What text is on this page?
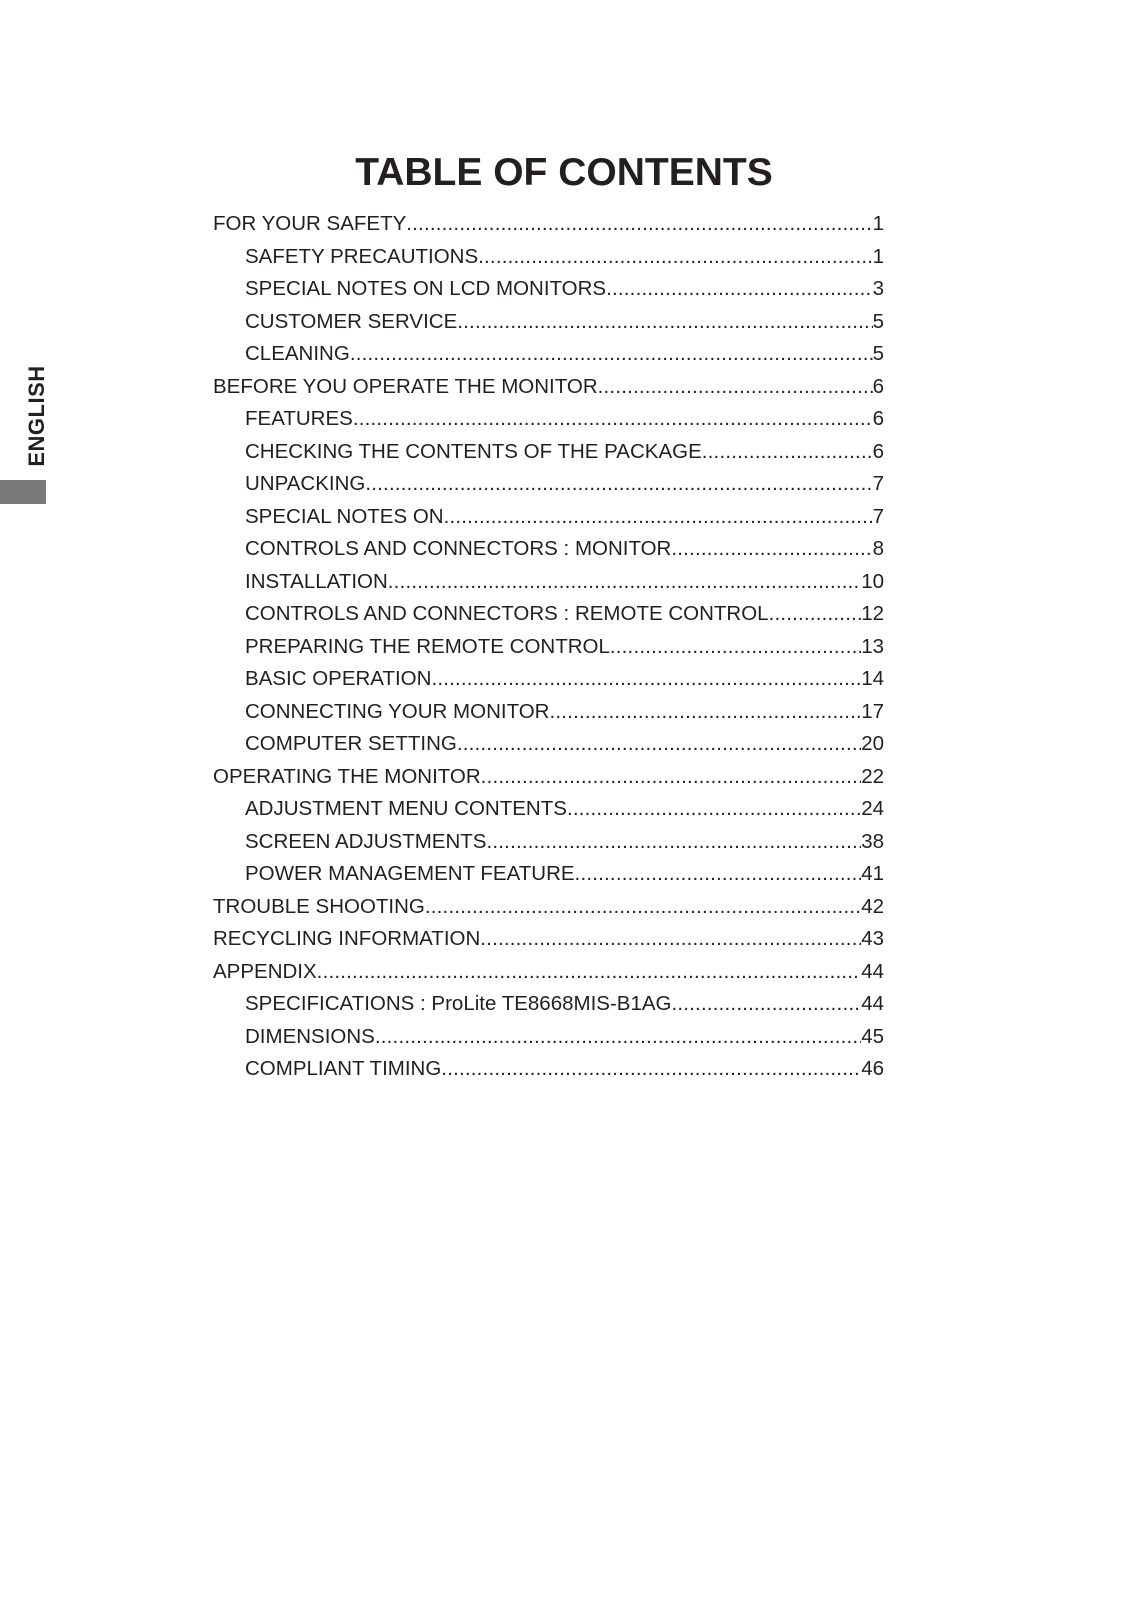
ENGLISH
TABLE OF CONTENTS
FOR YOUR SAFETY .....	1
SAFETY PRECAUTIONS .....	1
SPECIAL NOTES ON LCD MONITORS .....	3
CUSTOMER SERVICE .....	5
CLEANING .....	5
BEFORE YOU OPERATE THE MONITOR .....	6
FEATURES .....	6
CHECKING THE CONTENTS OF THE PACKAGE .....	6
UNPACKING .....	7
SPECIAL NOTES ON .....	7
CONTROLS AND CONNECTORS : MONITOR .....	8
INSTALLATION .....	10
CONTROLS AND CONNECTORS : REMOTE CONTROL .....	12
PREPARING THE REMOTE CONTROL .....	13
BASIC OPERATION .....	14
CONNECTING YOUR MONITOR .....	17
COMPUTER SETTING .....	20
OPERATING THE MONITOR .....	22
ADJUSTMENT MENU CONTENTS .....	24
SCREEN ADJUSTMENTS .....	38
POWER MANAGEMENT FEATURE .....	41
TROUBLE SHOOTING .....	42
RECYCLING INFORMATION .....	43
APPENDIX .....	44
SPECIFICATIONS : ProLite TE8668MIS-B1AG .....	44
DIMENSIONS .....	45
COMPLIANT TIMING .....	46
